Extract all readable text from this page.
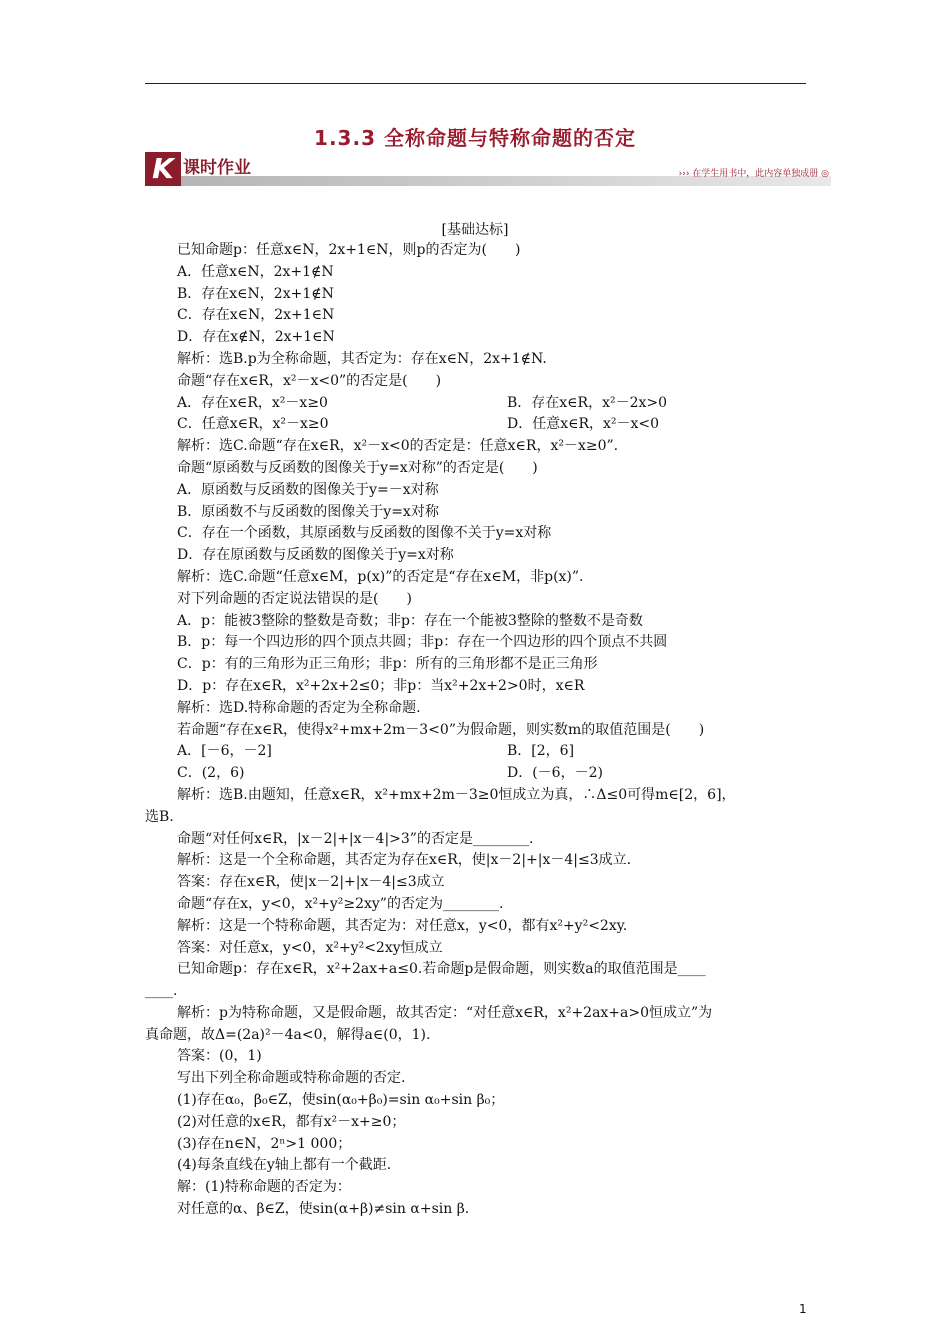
1.3.3 全称命题与特称命题的否定
K 课时作业	››› 在学生用书中，此内容单独成册 ◎
[基础达标]
已知命题p：任意x∈N，2x+1∈N，则p的否定为(　　)
A．任意x∈N，2x+1∉N
B．存在x∈N，2x+1∉N
C．存在x∈N，2x+1∈N
D．存在x∉N，2x+1∈N
解析：选B.p为全称命题，其否定为：存在x∈N，2x+1∉N.
命题“存在x∈R，x²－x<0”的否定是(　　)
A．存在x∈R，x²－x≥0	B．存在x∈R，x²－2x>0
C．任意x∈R，x²－x≥0	D．任意x∈R，x²－x<0
解析：选C.命题“存在x∈R，x²－x<0的否定是：任意x∈R，x²－x≥0”.
命题“原函数与反函数的图像关于y=x对称”的否定是(　　)
A．原函数与反函数的图像关于y=－x对称
B．原函数不与反函数的图像关于y=x对称
C．存在一个函数，其原函数与反函数的图像不关于y=x对称
D．存在原函数与反函数的图像关于y=x对称
解析：选C.命题“任意x∈M，p(x)”的否定是“存在x∈M，非p(x)”.
对下列命题的否定说法错误的是(　　)
A．p：能被3整除的整数是奇数；非p：存在一个能被3整除的整数不是奇数
B．p：每一个四边形的四个顶点共圆；非p：存在一个四边形的四个顶点不共圆
C．p：有的三角形为正三角形；非p：所有的三角形都不是正三角形
D．p：存在x∈R，x²+2x+2≤0；非p：当x²+2x+2>0时，x∈R
解析：选D.特称命题的否定为全称命题.
若命题“存在x∈R，使得x²+mx+2m－3<0”为假命题，则实数m的取值范围是(　　)
A．[－6，－2]	B．[2，6]
C．(2，6)	D．(－6，－2)
解析：选B.由题知，任意x∈R，x²+mx+2m－3≥0恒成立为真，∴Δ≤0可得m∈[2，6]，
选B.
命题“对任何x∈R，|x－2|+|x－4|>3”的否定是________.
解析：这是一个全称命题，其否定为存在x∈R，使|x－2|+|x－4|≤3成立.
答案：存在x∈R，使|x－2|+|x－4|≤3成立
命题“存在x，y<0，x²+y²≥2xy”的否定为________.
解析：这是一个特称命题，其否定为：对任意x，y<0，都有x²+y²<2xy.
答案：对任意x，y<0，x²+y²<2xy恒成立
已知命题p：存在x∈R，x²+2ax+a≤0.若命题p是假命题，则实数a的取值范围是____
____.
解析：p为特称命题，又是假命题，故其否定：“对任意x∈R，x²+2ax+a>0恒成立”为
真命题，故Δ=(2a)²－4a<0，解得a∈(0，1).
答案：(0，1)
写出下列全称命题或特称命题的否定.
(1)存在α₀，β₀∈Z，使sin(α₀+β₀)=sin α₀+sin β₀；
(2)对任意的x∈R，都有x²－x+≥0；
(3)存在n∈N，2ⁿ>1 000；
(4)每条直线在y轴上都有一个截距.
解：(1)特称命题的否定为：
对任意的α、β∈Z，使sin(α+β)≠sin α+sin β.
1
